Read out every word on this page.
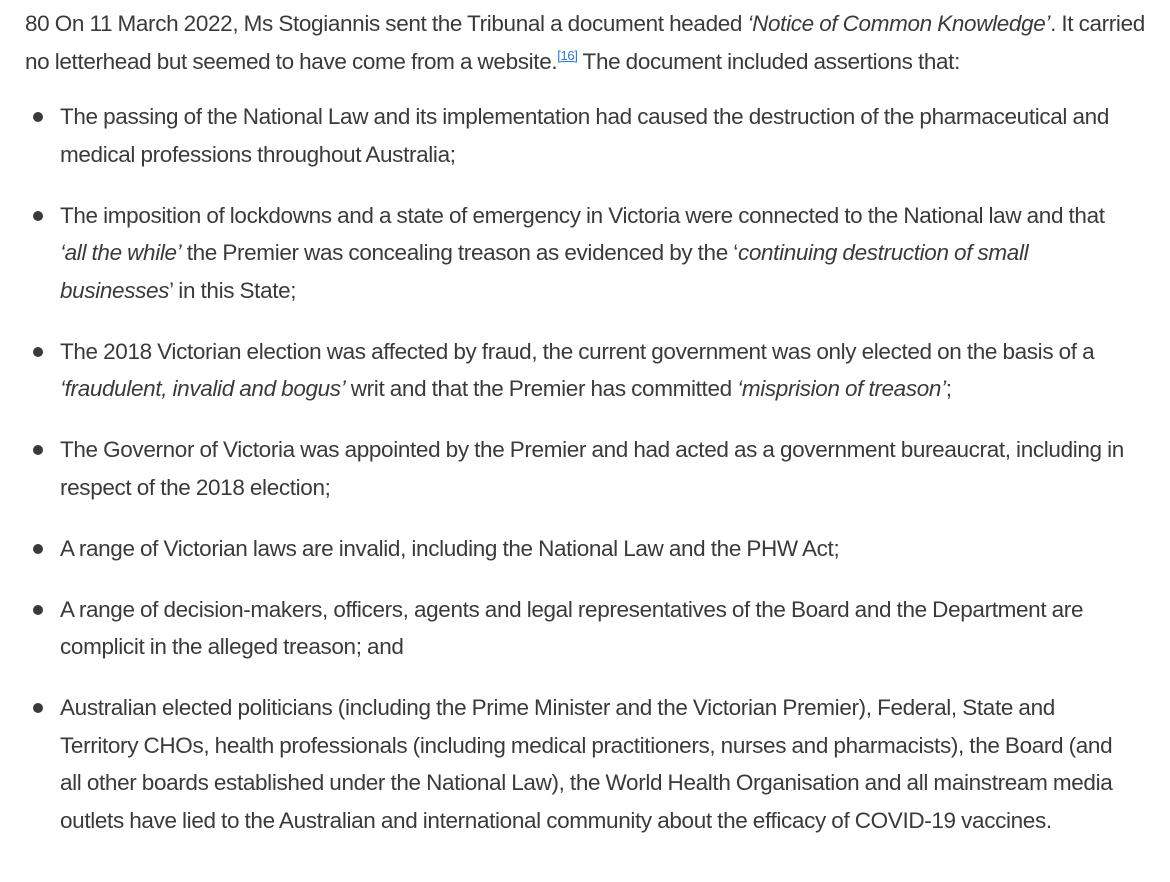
80 On 11 March 2022, Ms Stogiannis sent the Tribunal a document headed ‘Notice of Common Knowledge’. It carried no letterhead but seemed to have come from a website.[16] The document included assertions that:

The passing of the National Law and its implementation had caused the destruction of the pharmaceutical and medical professions throughout Australia;
The imposition of lockdowns and a state of emergency in Victoria were connected to the National law and that ‘all the while’ the Premier was concealing treason as evidenced by the ‘continuing destruction of small businesses’ in this State;
The 2018 Victorian election was affected by fraud, the current government was only elected on the basis of a ‘fraudulent, invalid and bogus’ writ and that the Premier has committed ‘misprision of treason’;
The Governor of Victoria was appointed by the Premier and had acted as a government bureaucrat, including in respect of the 2018 election;
A range of Victorian laws are invalid, including the National Law and the PHW Act;
A range of decision-makers, officers, agents and legal representatives of the Board and the Department are complicit in the alleged treason; and
Australian elected politicians (including the Prime Minister and the Victorian Premier), Federal, State and Territory CHOs, health professionals (including medical practitioners, nurses and pharmacists), the Board (and all other boards established under the National Law), the World Health Organisation and all mainstream media outlets have lied to the Australian and international community about the efficacy of COVID-19 vaccines.
